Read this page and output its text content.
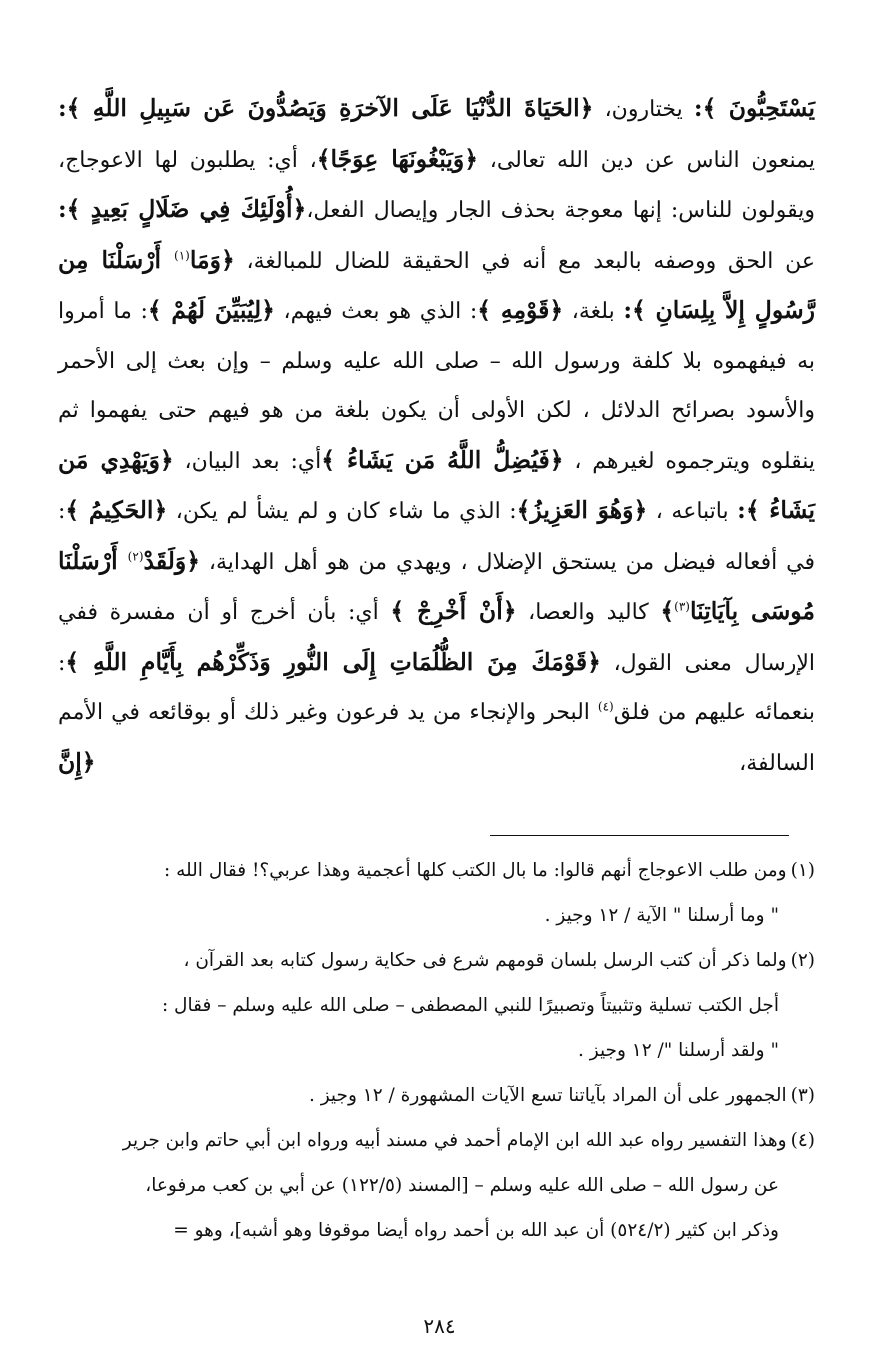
يَسْتَحِبُّونَ ﴾: يختارون، ﴿الحَيَاةَ الدُّنْيَا عَلَى الآخرَةِ وَيَصُدُّونَ عَن سَبِيلِ اللَّهِ ﴾: يمنعون الناس عن دين الله تعالى، ﴿وَيَبْغُونَهَا عِوَجًا﴾، أي: يطلبون لها الاعوجاج، ويقولون للناس: إنها معوجة بحذف الجار وإيصال الفعل،﴿أُوْلَئِكَ فِي ضَلَالٍ بَعِيدٍ ﴾: عن الحق ووصفه بالبعد مع أنه في الحقيقة للضال للمبالغة، ﴿وَمَا$^{(١)}$ أَرْسَلْنَا مِن رَّسُولٍ إِلاَّ بِلِسَانِ ﴾: بلغة، ﴿قَوْمِهِ ﴾: الذي هو بعث فيهم، ﴿لِيُبَيِّنَ لَهُمْ ﴾: ما أمروا به فيفهموه بلا كلفة ورسول الله – صلى الله عليه وسلم – وإن بعث إلى الأحمر والأسود بصرائح الدلائل ، لكن الأولى أن يكون بلغة من هو فيهم حتى يفهموا ثم ينقلوه ويترجموه لغيرهم ، ﴿فَيُضِلُّ اللَّهُ مَن يَشَاءُ ﴾أي: بعد البيان، ﴿وَيَهْدِي مَن يَشَاءُ ﴾: باتباعه ، ﴿وَهُوَ العَزِيزُ﴾: الذي ما شاء كان و لم يشأ لم يكن، ﴿الحَكِيمُ ﴾: في أفعاله فيضل من يستحق الإضلال ، ويهدي من هو أهل الهداية، ﴿وَلَقَدْ$^{(٢)}$ أَرْسَلْنَا مُوسَى بِآيَاتِنَا$^{(٣)}$﴾ كاليد والعصا، ﴿أَنْ أَخْرِجْ ﴾ أي: بأن أخرج أو أن مفسرة ففي الإرسال معنى القول، ﴿قَوْمَكَ مِنَ الظُّلُمَاتِ إِلَى النُّورِ وَذَكِّرْهُم بِأَيَّامِ اللَّهِ ﴾: بنعمائه عليهم من فلق$^{(٤)}$ البحر والإنجاء من يد فرعون وغير ذلك أو بوقائعه في الأمم السالفة، ﴿إِنَّ

(١)ومن طلب الاعوجاج أنهم قالوا: ما بال الكتب كلها أعجمية وهذا عربي؟! فقال الله :
" وما أرسلنا " الآية / ١٢ وجيز .
(٢)ولما ذكر أن كتب الرسل بلسان قومهم شرع فى حكاية رسول كتابه بعد القرآن ،
أجل الكتب تسلية وتثبيتاً وتصبيرًا للنبي المصطفى – صلى الله عليه وسلم – فقال :
" ولقد أرسلنا "/ ١٢ وجيز .
(٣)الجمهور على أن المراد بآياتنا تسع الآيات المشهورة / ١٢ وجيز .
(٤)وهذا التفسير رواه عبد الله ابن الإمام أحمد في مسند أبيه ورواه ابن أبي حاتم وابن جرير
عن رسول الله – صلى الله عليه وسلم – [المسند (١٢٢/٥) عن أبي بن كعب مرفوعا،
وذكر ابن كثير (٥٢٤/٢) أن عبد الله بن أحمد رواه أيضا موقوفا وهو أشبه]، وهو =
٢٨٤
